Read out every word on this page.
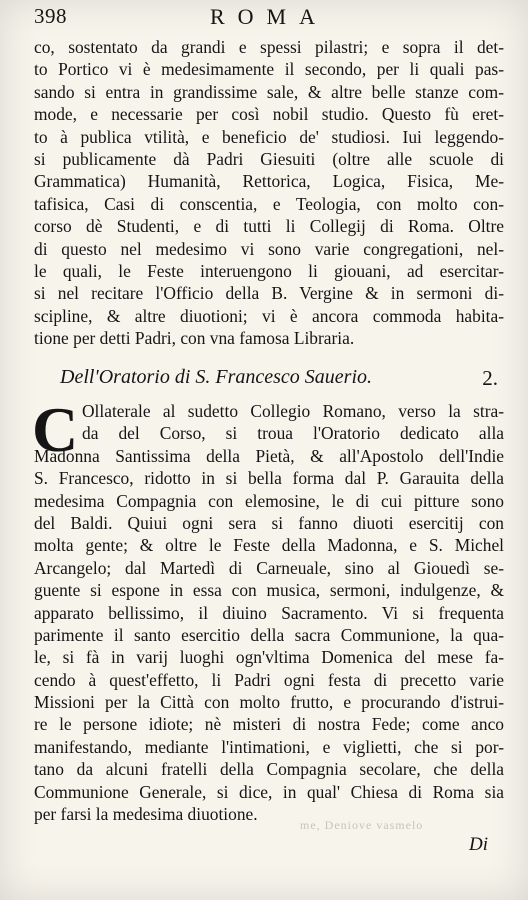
398	ROMA
co, sostentato da grandi e spessi pilastri; e sopra il det-
to Portico vi è medesimamente il secondo, per li quali pas-
sando si entra in grandissime sale, & altre belle stanze com-
mode, e necessarie per così nobil studio. Questo fù eret-
to à publica vtilità, e beneficio de' studiosi. Iui leggendo-
si publicamente dà Padri Giesuiti (oltre alle scuole di
Grammatica) Humanità, Rettorica, Logica, Fisica, Me-
tafisica, Casi di conscentia, e Teologia, con molto con-
corso dè Studenti, e di tutti li Collegij di Roma. Oltre
di questo nel medesimo vi sono varie congregationi, nel-
le quali, le Feste interuengono li giouani, ad esercitar-
si nel recitare l'Officio della B. Vergine & in sermoni di-
scipline, & altre diuotioni; vi è ancora commoda habita-
tione per detti Padri, con vna famosa Libraria.
Dell'Oratorio di S. Francesco Sauerio.	2.
C Ollaterale al sudetto Collegio Romano, verso la stra-
da del Corso, si troua l'Oratorio dedicato alla
Madonna Santissima della Pietà, & all'Apostolo dell'Indie
S. Francesco, ridotto in si bella forma dal P. Garauita della
medesima Compagnia con elemosine, le di cui pitture sono
del Baldi. Quiui ogni sera si fanno diuoti esercitij con
molta gente; & oltre le Feste della Madonna, e S. Michel
Arcangelo; dal Martedì di Carneuale, sino al Giouedì se-
guente si espone in essa con musica, sermoni, indulgenze, &
apparato bellissimo, il diuino Sacramento. Vi si frequenta
parimente il santo esercitio della sacra Communione, la qua-
le, si fà in varij luoghi ogn'vltima Domenica del mese fa-
cendo à quest'effetto, li Padri ogni festa di precetto varie
Missioni per la Città con molto frutto, e procurando d'istrui-
re le persone idiote; nè misteri di nostra Fede; come anco
manifestando, mediante l'intimationi, e viglietti, che si por-
tano da alcuni fratelli della Compagnia secolare, che della
Communione Generale, si dice, in qual' Chiesa di Roma sia
per farsi la medesima diuotione.
me, Deniove vasmelo
Di
